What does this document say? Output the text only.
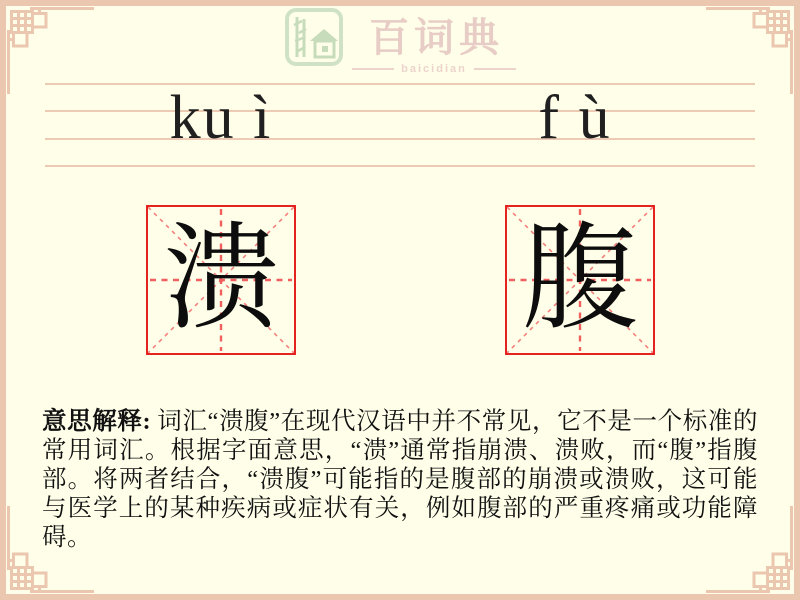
百词典
baicidian
ku ì	f ù
溃 腹
意思解释: 词汇“溃腹”在现代汉语中并不常见，它不是一个标准的常用词汇。根据字面意思，“溃”通常指崩溃、溃败，而“腹”指腹部。将两者结合，“溃腹”可能指的是腹部的崩溃或溃败，这可能与医学上的某种疾病或症状有关，例如腹部的严重疼痛或功能障碍。
